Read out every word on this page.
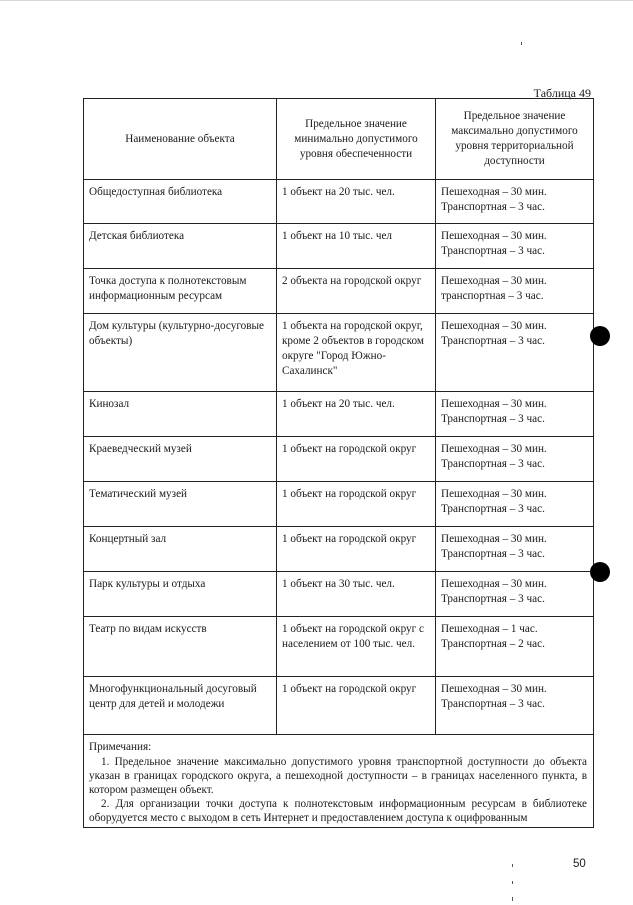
Таблица 49
Наименование объекта	Предельное значение минимально допустимого уровня обеспеченности	Предельное значение максимально допустимого уровня территориальной доступности

Общедоступная библиотека	1 объект на 20 тыс. чел.	Пешеходная – 30 мин.
Транспортная – 3 час.

Детская библиотека	1 объект на 10 тыс. чел	Пешеходная – 30 мин.
Транспортная – 3 час.

Точка доступа к полнотекстовым информационным ресурсам	2 объекта на городской округ	Пешеходная – 30 мин.
транспортная – 3 час.

Дом культуры (культурно-досуговые объекты)	1 объекта на городской округ, кроме 2 объектов в городском округе "Город Южно-Сахалинск"	Пешеходная – 30 мин.
Транспортная – 3 час.

Кинозал	1 объект на 20 тыс. чел.	Пешеходная – 30 мин.
Транспортная – 3 час.

Краеведческий музей	1 объект на городской округ	Пешеходная – 30 мин.
Транспортная – 3 час.

Тематический музей	1 объект на городской округ	Пешеходная – 30 мин.
Транспортная – 3 час.

Концертный зал	1 объект на городской округ	Пешеходная – 30 мин.
Транспортная – 3 час.

Парк культуры и отдыха	1 объект на 30 тыс. чел.	Пешеходная – 30 мин.
Транспортная – 3 час.

Театр по видам искусств	1 объект на городской округ с населением от 100 тыс. чел.	Пешеходная – 1 час.
Транспортная – 2 час.

Многофункциональный досуговый центр для детей и молодежи	1 объект на городской округ	Пешеходная – 30 мин.
Транспортная – 3 час.

Примечания:
1. Предельное значение максимально допустимого уровня транспортной доступности до объекта указан в границах городского округа, а пешеходной доступности – в границах населенного пункта, в котором размещен объект.
2. Для организации точки доступа к полнотекстовым информационным ресурсам в библиотеке оборудуется место с выходом в сеть Интернет и предоставлением доступа к оцифрованным		
50
